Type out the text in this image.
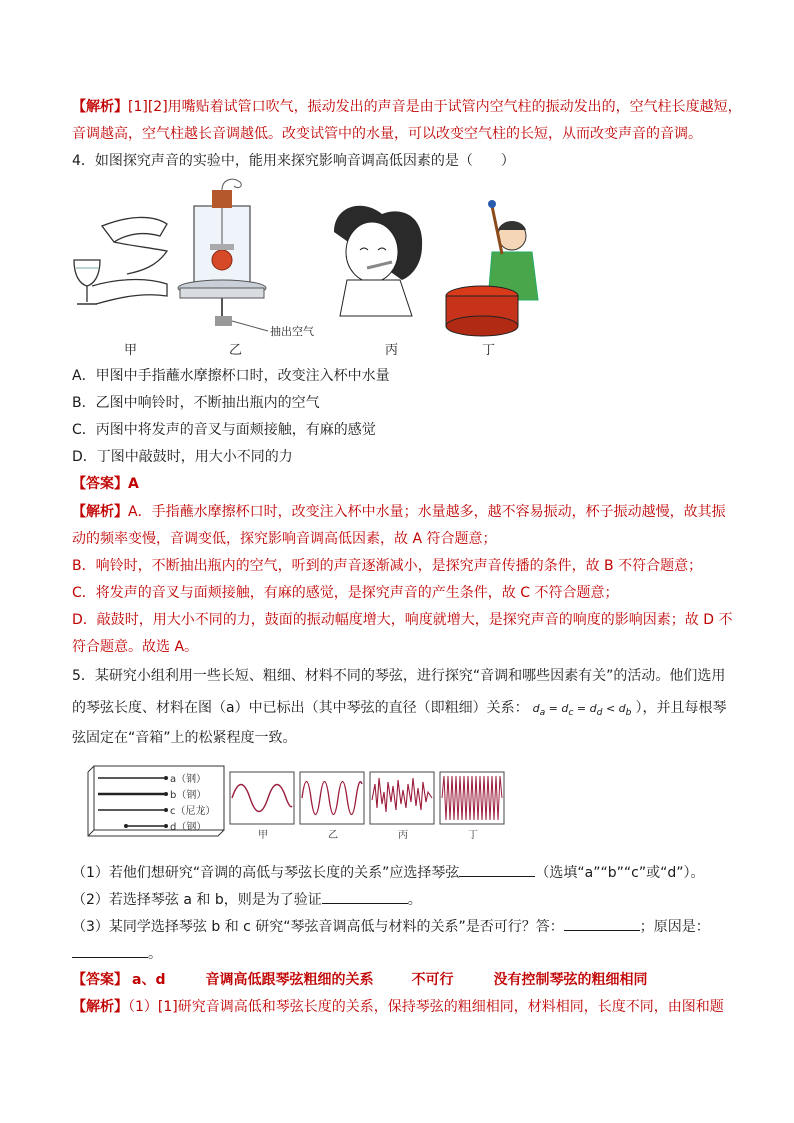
【解析】[1][2]用嘴贴着试管口吹气，振动发出的声音是由于试管内空气柱的振动发出的，空气柱长度越短，
音调越高，空气柱越长音调越低。改变试管中的水量，可以改变空气柱的长短，从而改变声音的音调。
4．如图探究声音的实验中，能用来探究影响音调高低因素的是（　　）
抽出空气
甲	乙	丙	丁
A．甲图中手指蘸水摩擦杯口时，改变注入杯中水量
B．乙图中响铃时，不断抽出瓶内的空气
C．丙图中将发声的音叉与面颊接触，有麻的感觉
D．丁图中敲鼓时，用大小不同的力
【答案】A
【解析】A．手指蘸水摩擦杯口时，改变注入杯中水量；水量越多，越不容易振动，杯子振动越慢，故其振
动的频率变慢，音调变低，探究影响音调高低因素，故 A 符合题意；
B．响铃时，不断抽出瓶内的空气，听到的声音逐渐减小，是探究声音传播的条件，故 B 不符合题意；
C．将发声的音叉与面颊接触，有麻的感觉，是探究声音的产生条件，故 C 不符合题意；
D．敲鼓时，用大小不同的力，鼓面的振动幅度增大，响度就增大，是探究声音的响度的影响因素；故 D 不
符合题意。故选 A。
5．某研究小组利用一些长短、粗细、材料不同的琴弦，进行探究“音调和哪些因素有关”的活动。他们选用
的琴弦长度、材料在图（a）中已标出（其中琴弦的直径（即粗细）关系： $d_a = d_c = d_d < d_b$ ），并且每根琴
弦固定在“音箱”上的松紧程度一致。
a（钢）
b（钢）
c（尼龙）
d（钢）
甲	乙	丙	丁
（1）若他们想研究“音调的高低与琴弦长度的关系”应选择琴弦	（选填“a”“b”“c”或“d”）。
（2）若选择琴弦 a 和 b，则是为了验证	。
（3）某同学选择琴弦 b 和 c 研究“琴弦音调高低与材料的关系”是否可行？答：	；原因是：
。
【答案】 a、d	音调高低跟琴弦粗细的关系	不可行	没有控制琴弦的粗细相同
【解析】（1）[1]研究音调高低和琴弦长度的关系，保持琴弦的粗细相同，材料相同，长度不同，由图和题
